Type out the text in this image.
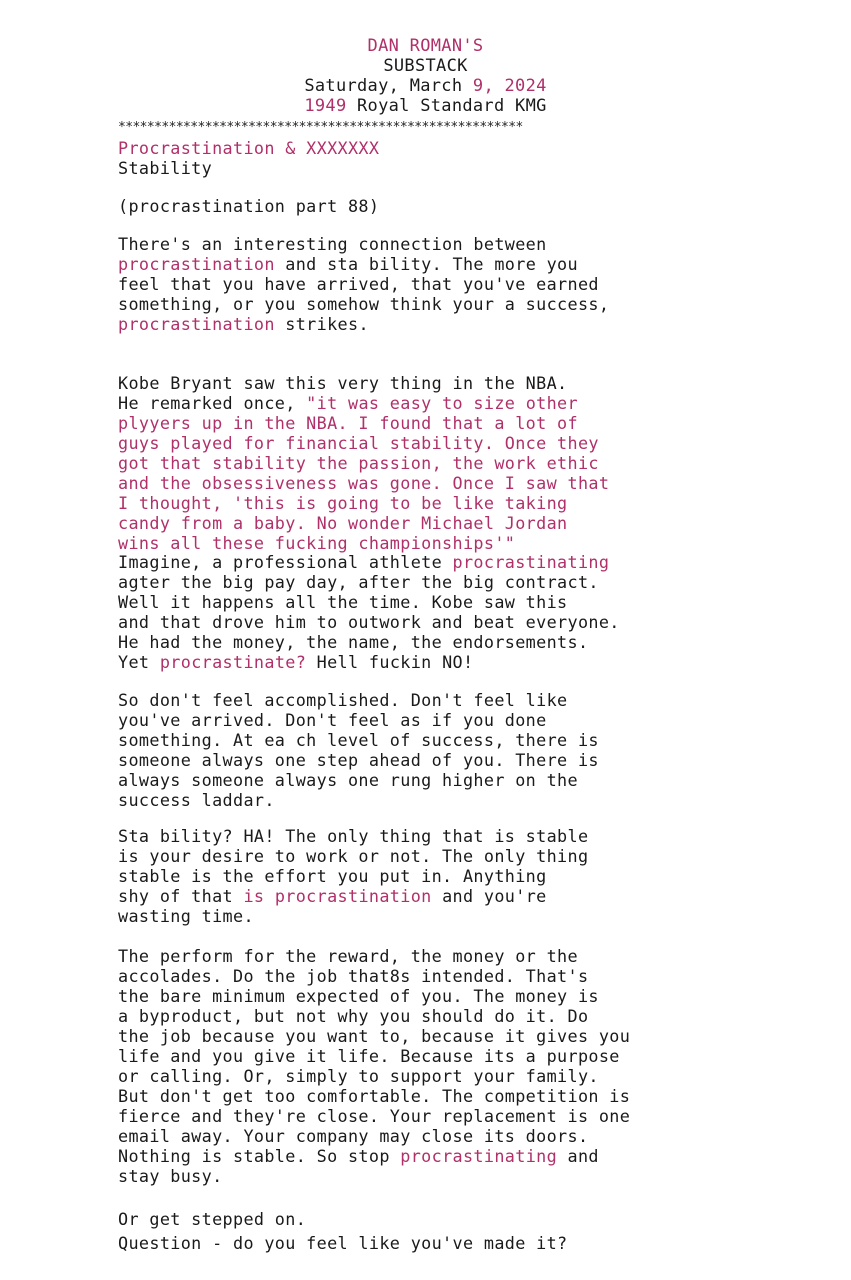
DAN ROMAN'S
SUBSTACK
Saturday, March 9, 2024
1949 Royal Standard KMG
********************************************************
Procrastination & XXXXXXX
Stability
(procrastination part 88)
There's an interesting connection between
procrastination and sta bility. The more you
feel that you have arrived, that you've earned
something, or you somehow think your a success,
procrastination strikes.
Kobe Bryant saw this very thing in the NBA.
He remarked once, "it was easy to size other
plyyers up in the NBA. I found that a lot of
guys played for financial stability. Once they
got that stability the passion, the work ethic
and the obsessiveness was gone. Once I saw that
I thought, 'this is going to be like taking
candy from a baby. No wonder Michael Jordan
wins all these fucking championships'"
Imagine, a professional athlete procrastinating
agter the big pay day, after the big contract.
Well it happens all the time. Kobe saw this
and that drove him to outwork and beat everyone.
He had the money, the name, the endorsements.
Yet procrastinate? Hell fuckin NO!
So don't feel accomplished. Don't feel like
you've arrived. Don't feel as if you done
something. At ea ch level of success, there is
someone always one step ahead of you. There is
always someone always one rung higher on the
success laddar.
Sta bility? HA! The only thing that is stable
is your desire to work or not. The only thing
stable is the effort you put in. Anything
shy of that is procrastination and you're
wasting time.
The perform for the reward, the money or the
accolades. Do the job that8s intended. That's
the bare minimum expected of you. The money is
a byproduct, but not why you should do it. Do
the job because you want to, because it gives you
life and you give it life. Because its a purpose
or calling. Or, simply to support your family.
But don't get too comfortable. The competition is
fierce and they're close. Your replacement is one
email away. Your company may close its doors.
Nothing is stable. So stop procrastinating and
stay busy.
Or get stepped on.
Question - do you feel like you've made it?
